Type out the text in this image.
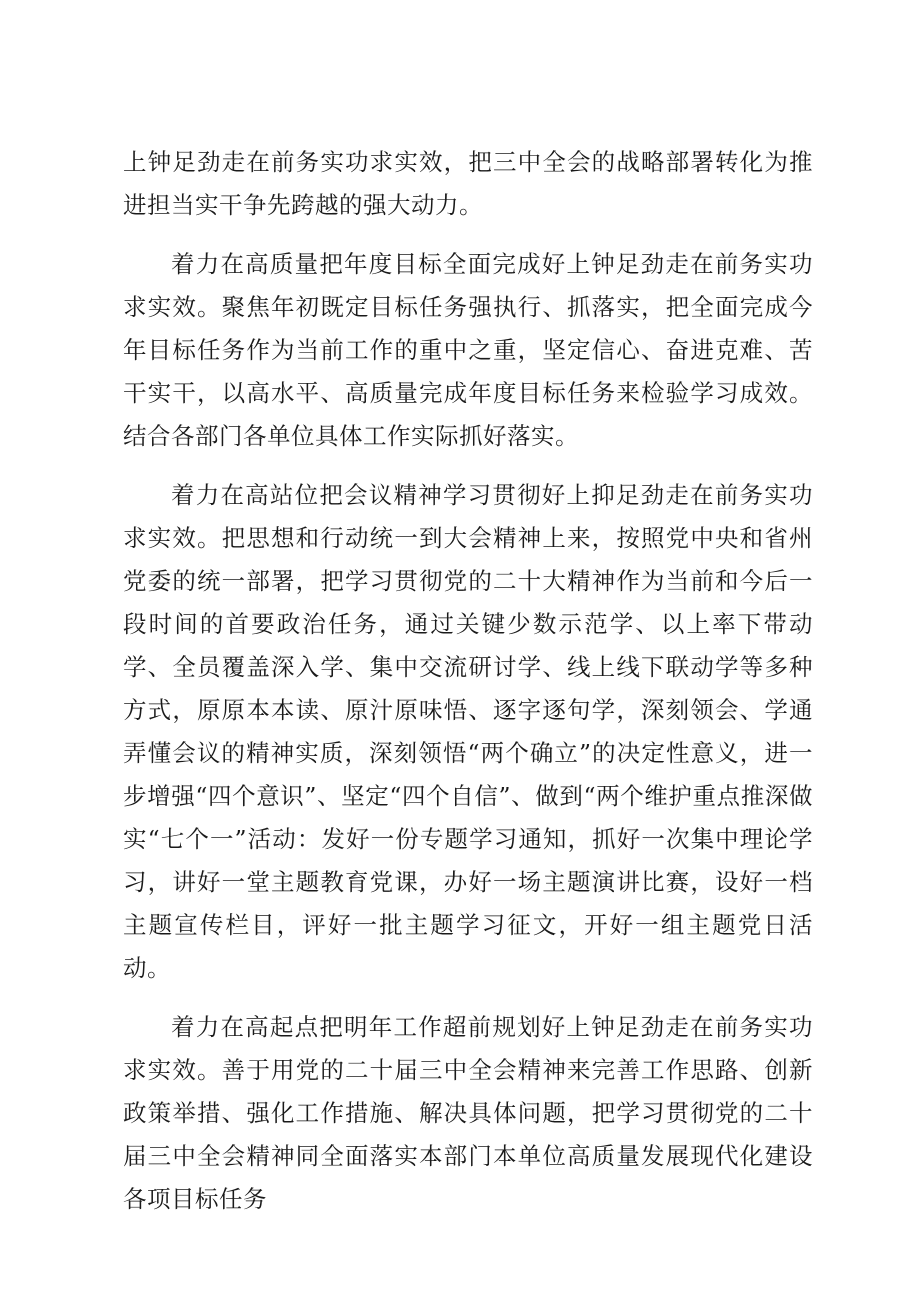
上钟足劲走在前务实功求实效，把三中全会的战略部署转化为推进担当实干争先跨越的强大动力。

着力在高质量把年度目标全面完成好上钟足劲走在前务实功求实效。聚焦年初既定目标任务强执行、抓落实，把全面完成今年目标任务作为当前工作的重中之重，坚定信心、奋进克难、苦干实干，以高水平、高质量完成年度目标任务来检验学习成效。结合各部门各单位具体工作实际抓好落实。

着力在高站位把会议精神学习贯彻好上抑足劲走在前务实功求实效。把思想和行动统一到大会精神上来，按照党中央和省州党委的统一部署，把学习贯彻党的二十大精神作为当前和今后一段时间的首要政治任务，通过关键少数示范学、以上率下带动学、全员覆盖深入学、集中交流研讨学、线上线下联动学等多种方式，原原本本读、原汁原味悟、逐字逐句学，深刻领会、学通弄懂会议的精神实质，深刻领悟“两个确立”的决定性意义，进一步增强“四个意识”、坚定“四个自信”、做到“两个维护重点推深做实“七个一”活动：发好一份专题学习通知，抓好一次集中理论学习，讲好一堂主题教育党课，办好一场主题演讲比赛，设好一档主题宣传栏目，评好一批主题学习征文，开好一组主题党日活动。

着力在高起点把明年工作超前规划好上钟足劲走在前务实功求实效。善于用党的二十届三中全会精神来完善工作思路、创新政策举措、强化工作措施、解决具体问题，把学习贯彻党的二十届三中全会精神同全面落实本部门本单位高质量发展现代化建设各项目标任务
